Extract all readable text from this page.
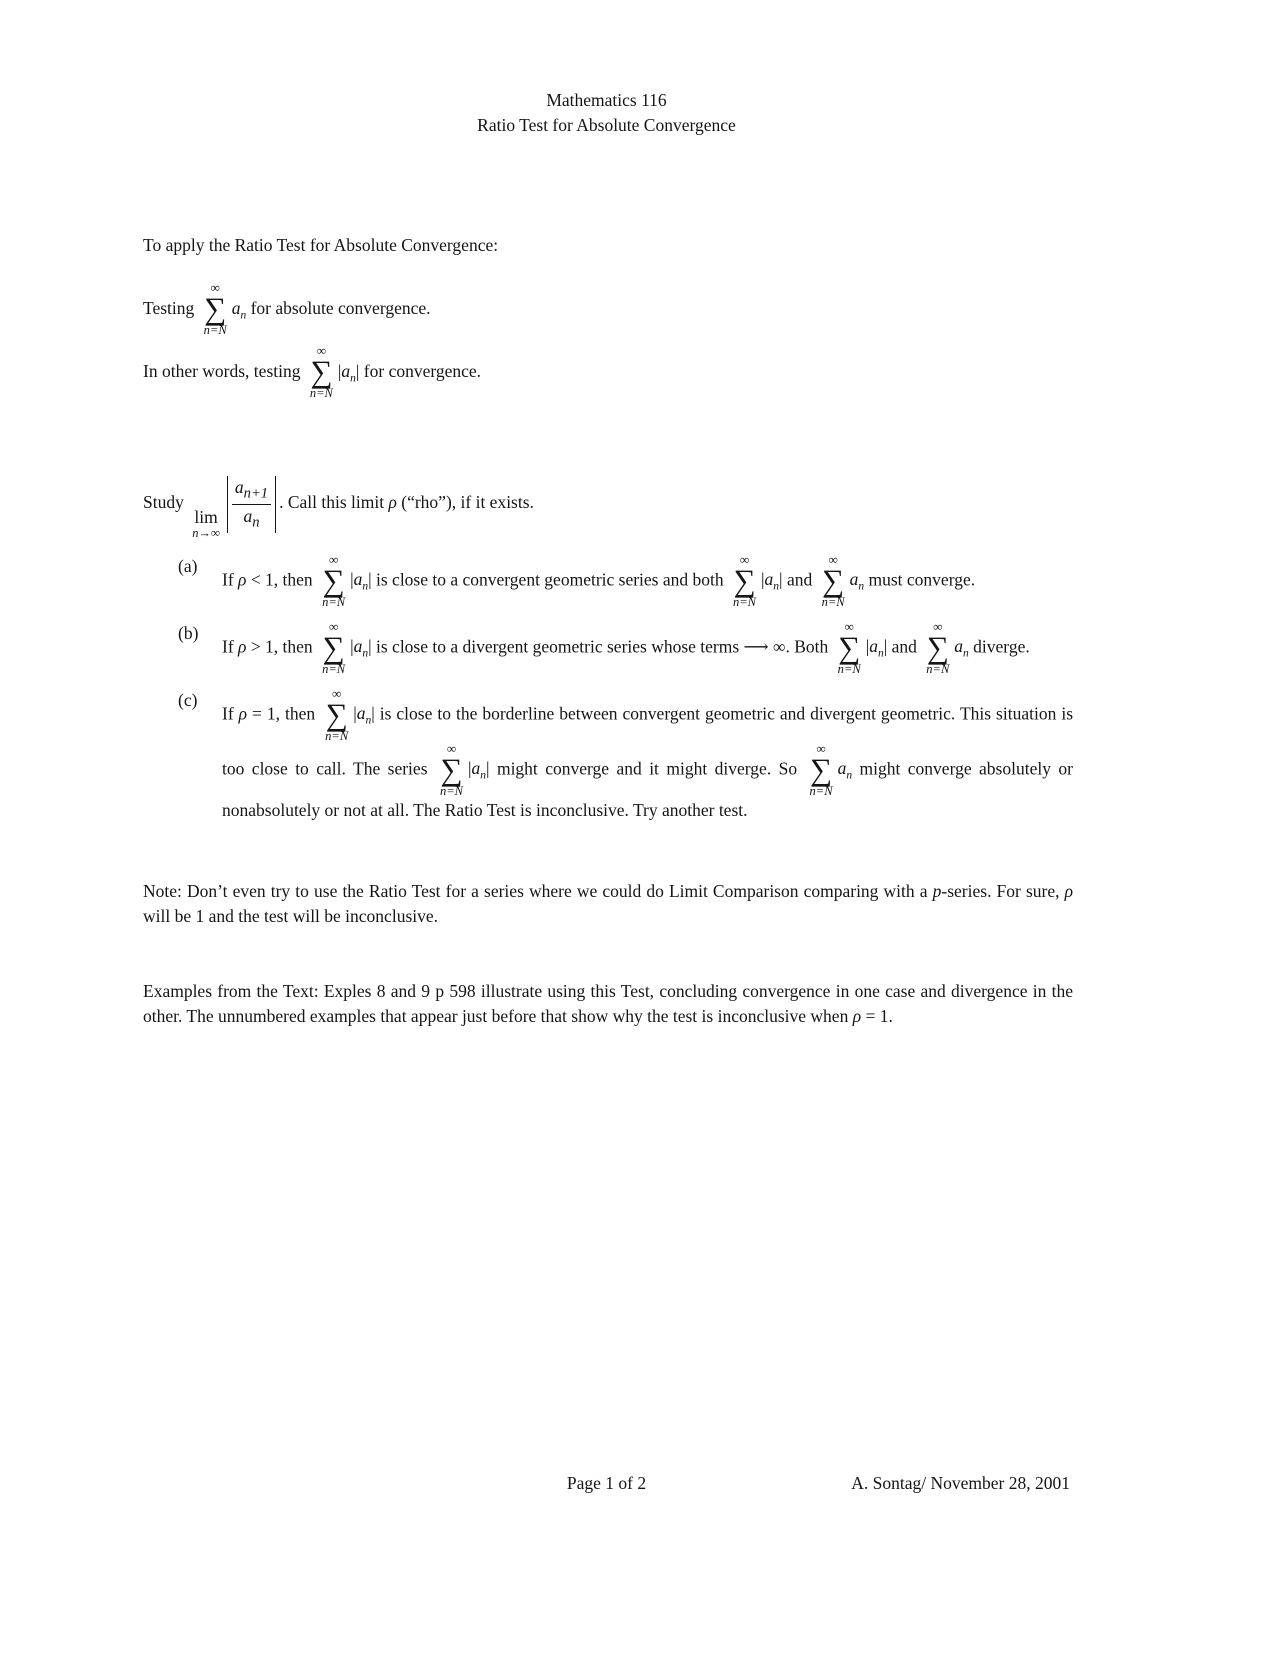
Mathematics 116
Ratio Test for Absolute Convergence
To apply the Ratio Test for Absolute Convergence:
Testing
∞
∑
n=N
$a_n$ for absolute convergence.
In other words, testing
∞
∑
n=N
$|a_n|$ for convergence.
Study
lim
n→∞
$\frac{a_{n+1}}{a_n}$ . Call this limit ρ (“rho”), if it exists.
(a)
If ρ < 1, then
∞
∑
n=N
$|a_n|$ is close to a convergent geometric series and both
∞
∑
n=N
$|a_n|$ and
∞
∑
n=N
$a_n$ must converge.
(b)
If ρ > 1, then
∞
∑
n=N
$|a_n|$ is close to a divergent geometric series whose terms ⟶ ∞. Both
∞
∑
n=N
$|a_n|$ and
∞
∑
n=N
$a_n$ diverge.
(c)
If ρ = 1, then
∞
∑
n=N
$|a_n|$ is close to the borderline between convergent geometric and divergent geometric. This situation is too close to call. The series
∞
∑
n=N
$|a_n|$ might converge and it might diverge. So
∞
∑
n=N
$a_n$ might converge absolutely or nonabsolutely or not at all. The Ratio Test is inconclusive. Try another test.
Note: Don’t even try to use the Ratio Test for a series where we could do Limit Comparison comparing with a p-series. For sure, ρ will be 1 and the test will be inconclusive.
Examples from the Text: Exples 8 and 9 p 598 illustrate using this Test, concluding convergence in one case and divergence in the other. The unnumbered examples that appear just before that show why the test is inconclusive when ρ = 1.
Page 1 of 2	A. Sontag/ November 28, 2001
